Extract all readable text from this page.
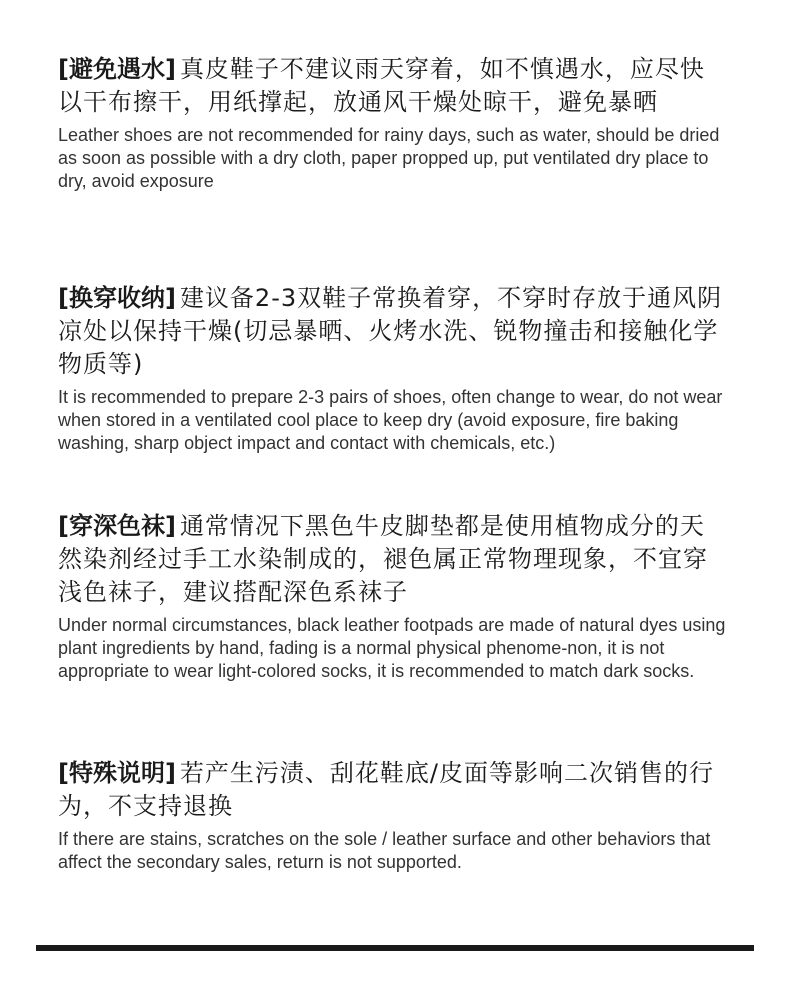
[避免遇水] 真皮鞋子不建议雨天穿着，如不慎遇水，应尽快以干布擦干，用纸撑起，放通风干燥处晾干，避免暴晒

Leather shoes are not recommended for rainy days, such as water, should be dried as soon as possible with a dry cloth, paper propped up, put ventilated dry place to dry, avoid exposure

[换穿收纳] 建议备2-3双鞋子常换着穿，不穿时存放于通风阴凉处以保持干燥(切忌暴晒、火烤水洗、锐物撞击和接触化学物质等)

It is recommended to prepare 2-3 pairs of shoes, often change to wear, do not wear when stored in a ventilated cool place to keep dry (avoid exposure, fire baking washing, sharp object impact and contact with chemicals, etc.)

[穿深色袜] 通常情况下黑色牛皮脚垫都是使用植物成分的天然染剂经过手工水染制成的，褪色属正常物理现象，不宜穿浅色袜子，建议搭配深色系袜子

Under normal circumstances, black leather footpads are made of natural dyes using plant ingredients by hand, fading is a normal physical phenome-non, it is not appropriate to wear light-colored socks, it is recommended to match dark socks.

[特殊说明] 若产生污渍、刮花鞋底/皮面等影响二次销售的行为，不支持退换

If there are stains, scratches on the sole / leather surface and other behaviors that affect the secondary sales, return is not supported.
